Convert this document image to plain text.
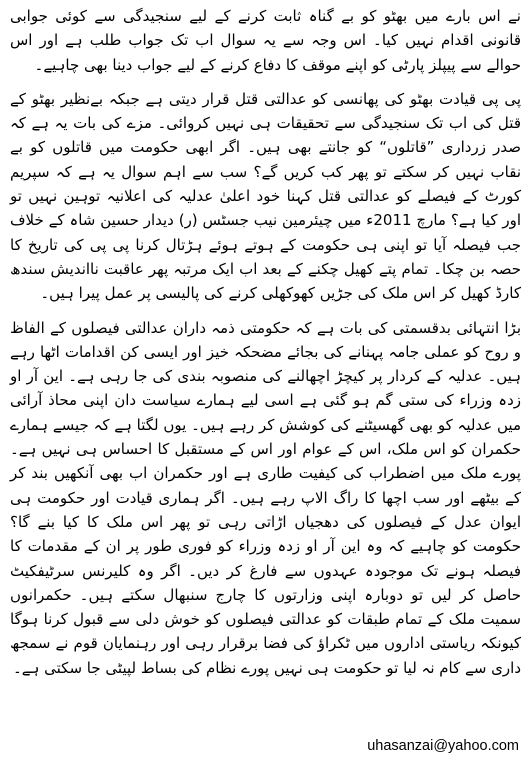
نے اس بارے میں بھٹو کو بے گناہ ثابت کرنے کے لیے سنجیدگی سے کوئی جوابی قانونی اقدام نہیں کیا۔ اس وجہ سے یہ سوال اب تک جواب طلب ہے اور اس حوالے سے پیپلز پارٹی کو اپنے موقف کا دفاع کرنے کے لیے جواب دینا بھی چاہیے۔

پی پی قیادت بھٹو کی پھانسی کو عدالتی قتل قرار دیتی ہے جبکہ بےنظیر بھٹو کے قتل کی اب تک سنجیدگی سے تحقیقات ہی نہیں کروائی۔ مزے کی بات یہ ہے کہ صدر زرداری ”قاتلوں“ کو جانتے بھی ہیں۔ اگر ابھی حکومت میں قاتلوں کو بے نقاب نہیں کر سکتے تو پھر کب کریں گے؟ سب سے اہم سوال یہ ہے کہ سپریم کورٹ کے فیصلے کو عدالتی قتل کہنا خود اعلیٰ عدلیہ کی اعلانیہ توہین نہیں تو اور کیا ہے؟ مارچ 2011ء میں چیئرمین نیب جسٹس (ر) دیدار حسین شاہ کے خلاف جب فیصلہ آیا تو اپنی ہی حکومت کے ہوتے ہوئے ہڑتال کرنا پی پی کی تاریخ کا حصہ بن چکا۔ تمام پتے کھیل چکنے کے بعد اب ایک مرتبہ پھر عاقبت نااندیش سندھ کارڈ کھیل کر اس ملک کی جڑیں کھوکھلی کرنے کی پالیسی پر عمل پیرا ہیں۔

بڑا انتہائی بدقسمتی کی بات ہے کہ حکومتی ذمہ داران عدالتی فیصلوں کے الفاظ و روح کو عملی جامہ پہنانے کی بجائے مضحکہ خیز اور ایسی کن اقدامات اٹھا رہے ہیں۔ عدلیہ کے کردار پر کیچڑ اچھالنے کی منصوبہ بندی کی جا رہی ہے۔ این آر او زدہ وزراء کی ستی گم ہو گئی ہے اسی لیے ہمارے سیاست دان اپنی محاذ آرائی میں عدلیہ کو بھی گھسیٹنے کی کوشش کر رہے ہیں۔ یوں لگتا ہے کہ جیسے ہمارے حکمران کو اس ملک، اس کے عوام اور اس کے مستقبل کا احساس ہی نہیں ہے۔ پورے ملک میں اضطراب کی کیفیت طاری ہے اور حکمران اب بھی آنکھیں بند کر کے بیٹھے اور سب اچھا کا راگ الاپ رہے ہیں۔ اگر ہماری قیادت اور حکومت ہی ایوان عدل کے فیصلوں کی دھجیاں اڑاتی رہی تو پھر اس ملک کا کیا بنے گا؟ حکومت کو چاہیے کہ وہ این آر او زدہ وزراء کو فوری طور پر ان کے مقدمات کا فیصلہ ہونے تک موجودہ عہدوں سے فارغ کر دیں۔ اگر وہ کلیرنس سرٹیفکیٹ حاصل کر لیں تو دوبارہ اپنی وزارتوں کا چارج سنبھال سکتے ہیں۔ حکمرانوں سمیت ملک کے تمام طبقات کو عدالتی فیصلوں کو خوش دلی سے قبول کرنا ہوگا کیونکہ ریاستی اداروں میں ٹکراؤ کی فضا برقرار رہی اور رہنمایان قوم نے سمجھ داری سے کام نہ لیا تو حکومت ہی نہیں پورے نظام کی بساط لپیٹی جا سکتی ہے۔

uhasanzai@yahoo.com
